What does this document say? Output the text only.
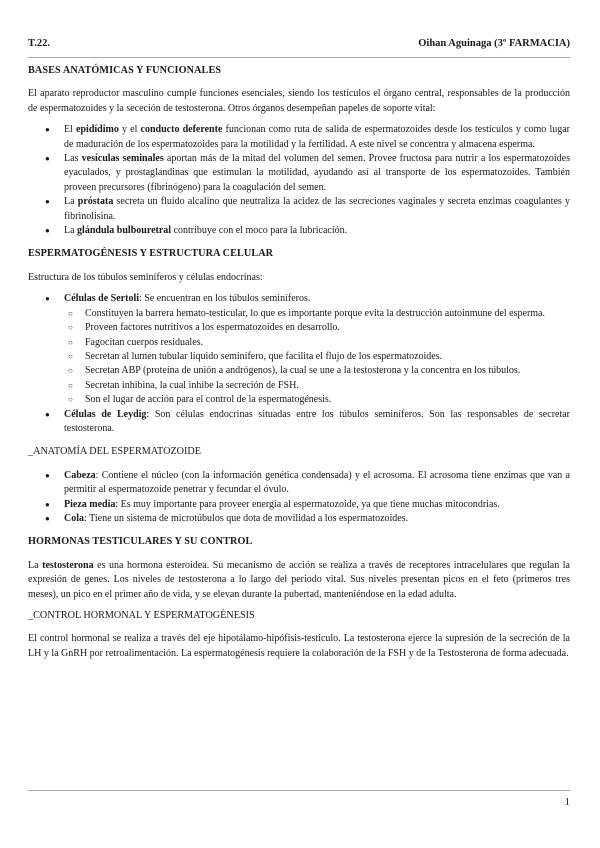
T.22.	Oihan Aguinaga (3º FARMACIA)
BASES ANATÓMICAS Y FUNCIONALES

El aparato reproductor masculino cumple funciones esenciales, siendo los testículos el órgano central, responsables de la producción de espermatozoides y la sececión de testosterona. Otros órganos desempeñan papeles de soporte vital:

● El epidídimo y el conducto deferente funcionan como ruta de salida de espermatozoides desde los testículos y como lugar de maduración de los espermatozoides para la motilidad y la fertilidad. A este nivel se concentra y almacena esperma.
● Las vesículas seminales aportan más de la mitad del volumen del semen. Provee fructosa para nutrir a los espermatozoides eyaculados, y prostaglandinas que estimulan la motilidad, ayudando así al transporte de los espermatozoides. También proveen precursores (fibrinógeno) para la coagulación del semen.
● La próstata secreta un fluido alcalino que neutraliza la acidez de las secreciones vaginales y secreta enzimas coagulantes y fibrinolisina.
● La glándula bulbouretral contribuye con el moco para la lubricación.
ESPERMATOGÉNESIS Y ESTRUCTURA CELULAR

Estructura de los túbulos seminíferos y células endocrinas:

● Células de Sertoli: Se encuentran en los túbulos seminíferos.
○ Constituyen la barrera hemato-testicular, lo que es importante porque evita la destrucción autoinmune del esperma.
○ Proveen factores nutritivos a los espermatozoides en desarrollo.
○ Fagocitan cuerpos residuales.
○ Secretan al lumen tubular líquido seminífero, que facilita el flujo de los espermatozoides.
○ Secretan ABP (proteína de unión a andrógenos), la cual se une a la testosterona y la concentra en los túbulos.
○ Secretan inhibina, la cual inhibe la secreción de FSH.
○ Son el lugar de acción para el control de la espermatogénesis.
● Células de Leydig: Son células endocrinas situadas entre los túbulos seminíferos. Son las responsables de secretar testosterona.
_ANATOMÍA DEL ESPERMATOZOIDE
● Cabeza: Contiene el núcleo (con la información genética condensada) y el acrosoma. El acrosoma tiene enzimas que van a permitir al espermatozoide penetrar y fecundar el óvulo.
● Pieza media: Es muy importante para proveer energía al espermatozoide, ya que tiene muchas mitocondrias.
● Cola: Tiene un sistema de microtúbulos que dota de movilidad a los espermatozoides.
HORMONAS TESTICULARES Y SU CONTROL

La testosterona es una hormona esteroidea. Su mecanismo de acción se realiza a través de receptores intracelulares que regulan la expresión de genes. Los niveles de testosterona a lo largo del periodo vital. Sus niveles presentan picos en el feto (primeros tres meses), un pico en el primer año de vida, y se elevan durante la pubertad, manteniéndose en la edad adulta.

_CONTROL HORMONAL Y ESPERMATOGÉNESIS

El control hormonal se realiza a través del eje hipotálamo-hipófisis-testículo. La testosterona ejerce la supresión de la secreción de la LH y la GnRH por retroalimentación. La espermatogénesis requiere la colaboración de la FSH y de la Testosterona de forma adecuada.

1
